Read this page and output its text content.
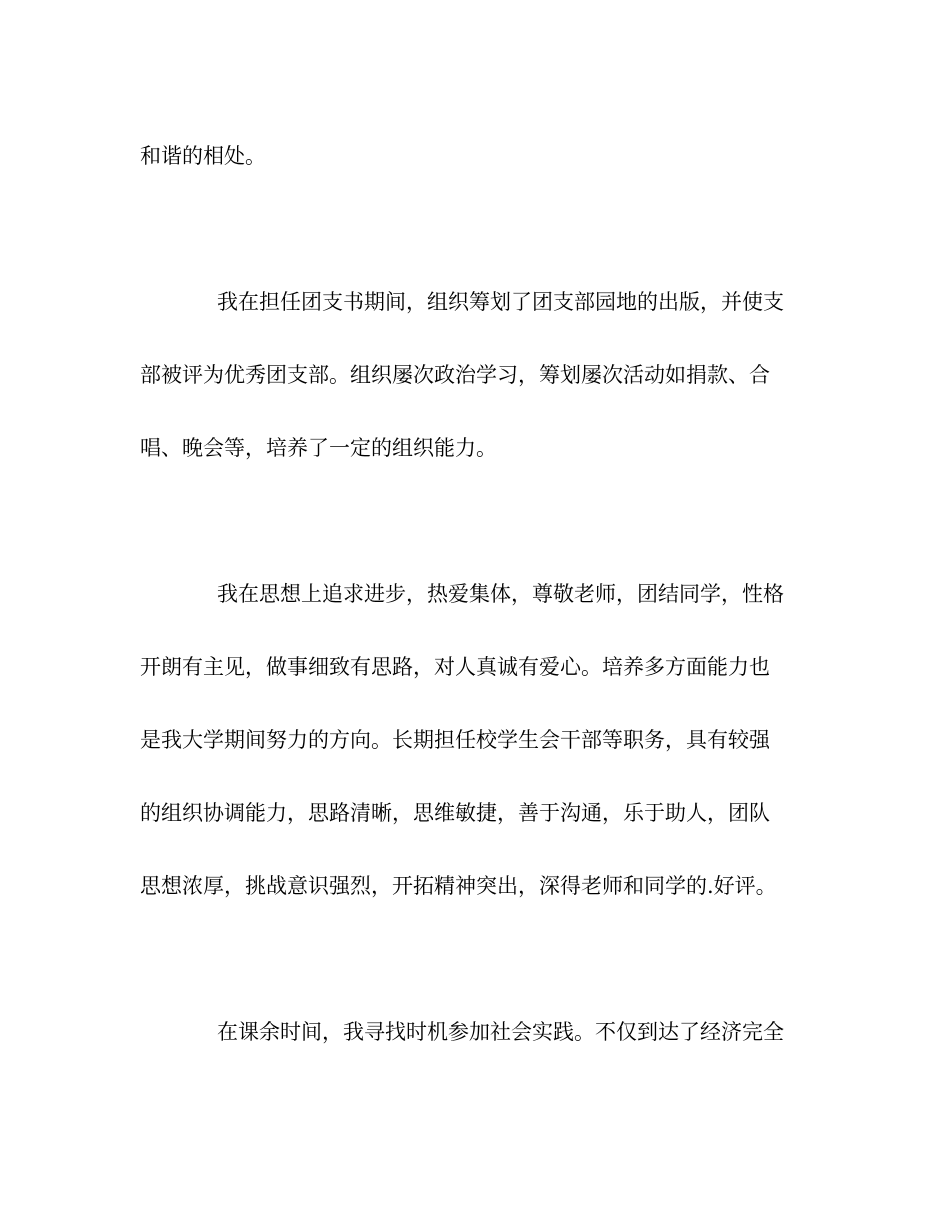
和谐的相处。
我在担任团支书期间，组织筹划了团支部园地的出版，并使支
部被评为优秀团支部。组织屡次政治学习，筹划屡次活动如捐款、合
唱、晚会等，培养了一定的组织能力。
我在思想上追求进步，热爱集体，尊敬老师，团结同学，性格
开朗有主见，做事细致有思路，对人真诚有爱心。培养多方面能力也
是我大学期间努力的方向。长期担任校学生会干部等职务，具有较强
的组织协调能力，思路清晰，思维敏捷，善于沟通，乐于助人，团队
思想浓厚，挑战意识强烈，开拓精神突出，深得老师和同学的.好评。
在课余时间，我寻找时机参加社会实践。不仅到达了经济完全
